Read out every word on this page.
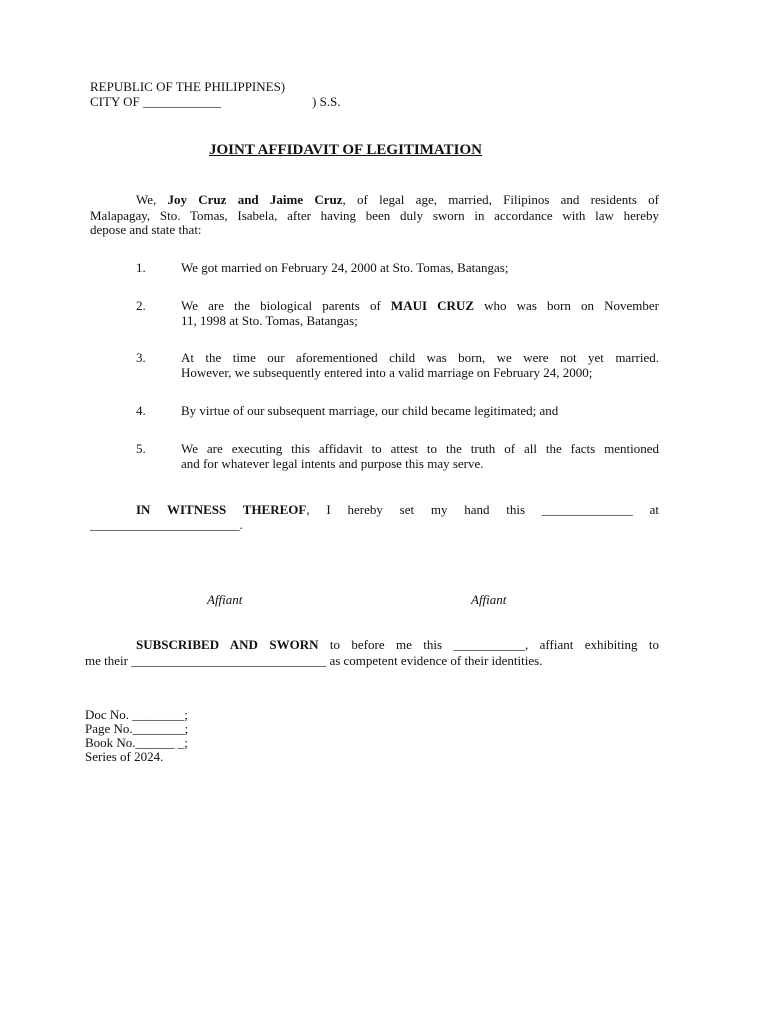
REPUBLIC OF THE PHILIPPINES)
CITY OF ____________	) S.S.
JOINT AFFIDAVIT OF LEGITIMATION
We, Joy Cruz and Jaime Cruz, of legal age, married, Filipinos and residents of
Malapagay, Sto. Tomas, Isabela, after having been duly sworn in accordance with law hereby
depose and state that:
1.	We got married on February 24, 2000 at Sto. Tomas, Batangas;
2.	We are the biological parents of MAUI CRUZ who was born on November
11, 1998 at Sto. Tomas, Batangas;
3.	At the time our aforementioned child was born, we were not yet married.
However, we subsequently entered into a valid marriage on February 24, 2000;
4.	By virtue of our subsequent marriage, our child became legitimated; and
5.	We are executing this affidavit to attest to the truth of all the facts mentioned
and for whatever legal intents and purpose this may serve.
IN WITNESS THEREOF, I hereby set my hand this ______________ at
_______________________.
Affiant	Affiant
SUBSCRIBED AND SWORN to before me this ___________, affiant exhibiting to
me their ______________________________ as competent evidence of their identities.
Doc No. ________;
Page No.________;
Book No.______ _;
Series of 2024.
